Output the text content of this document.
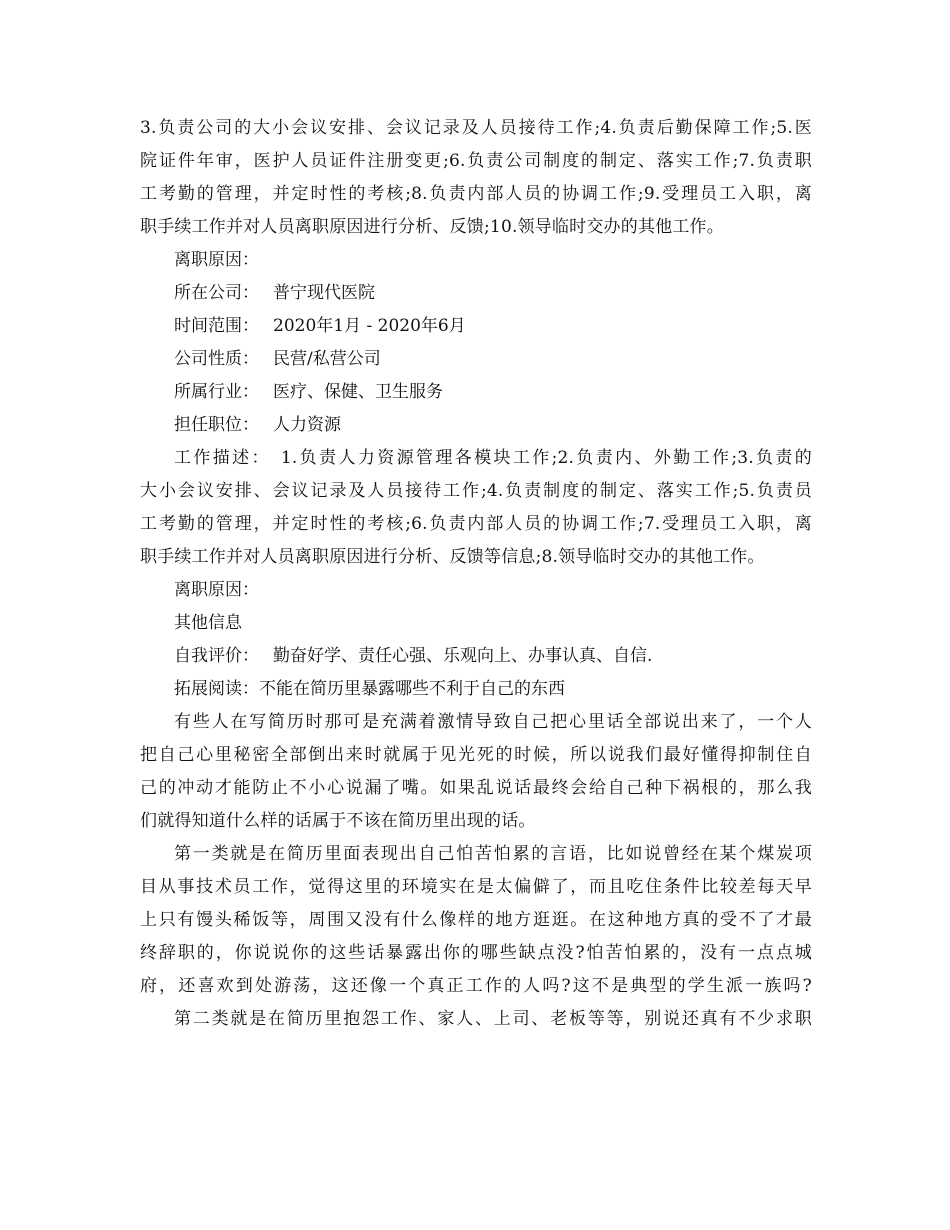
3.负责公司的大小会议安排、会议记录及人员接待工作;4.负责后勤保障工作;5.医
院证件年审，医护人员证件注册变更;6.负责公司制度的制定、落实工作;7.负责职
工考勤的管理，并定时性的考核;8.负责内部人员的协调工作;9.受理员工入职，离
职手续工作并对人员离职原因进行分析、反馈;10.领导临时交办的其他工作。
离职原因：
所在公司： 普宁现代医院
时间范围： 2020年1月 - 2020年6月
公司性质： 民营/私营公司
所属行业： 医疗、保健、卫生服务
担任职位： 人力资源
工作描述： 1.负责人力资源管理各模块工作;2.负责内、外勤工作;3.负责的
大小会议安排、会议记录及人员接待工作;4.负责制度的制定、落实工作;5.负责员
工考勤的管理，并定时性的考核;6.负责内部人员的协调工作;7.受理员工入职，离
职手续工作并对人员离职原因进行分析、反馈等信息;8.领导临时交办的其他工作。
离职原因：
其他信息
自我评价： 勤奋好学、责任心强、乐观向上、办事认真、自信.
拓展阅读：不能在简历里暴露哪些不利于自己的东西
有些人在写简历时那可是充满着激情导致自己把心里话全部说出来了，一个人
把自己心里秘密全部倒出来时就属于见光死的时候，所以说我们最好懂得抑制住自
己的冲动才能防止不小心说漏了嘴。如果乱说话最终会给自己种下祸根的，那么我
们就得知道什么样的话属于不该在简历里出现的话。
第一类就是在简历里面表现出自己怕苦怕累的言语，比如说曾经在某个煤炭项
目从事技术员工作，觉得这里的环境实在是太偏僻了，而且吃住条件比较差每天早
上只有馒头稀饭等，周围又没有什么像样的地方逛逛。在这种地方真的受不了才最
终辞职的，你说说你的这些话暴露出你的哪些缺点没?怕苦怕累的，没有一点点城
府，还喜欢到处游荡，这还像一个真正工作的人吗?这不是典型的学生派一族吗?
第二类就是在简历里抱怨工作、家人、上司、老板等等，别说还真有不少求职
